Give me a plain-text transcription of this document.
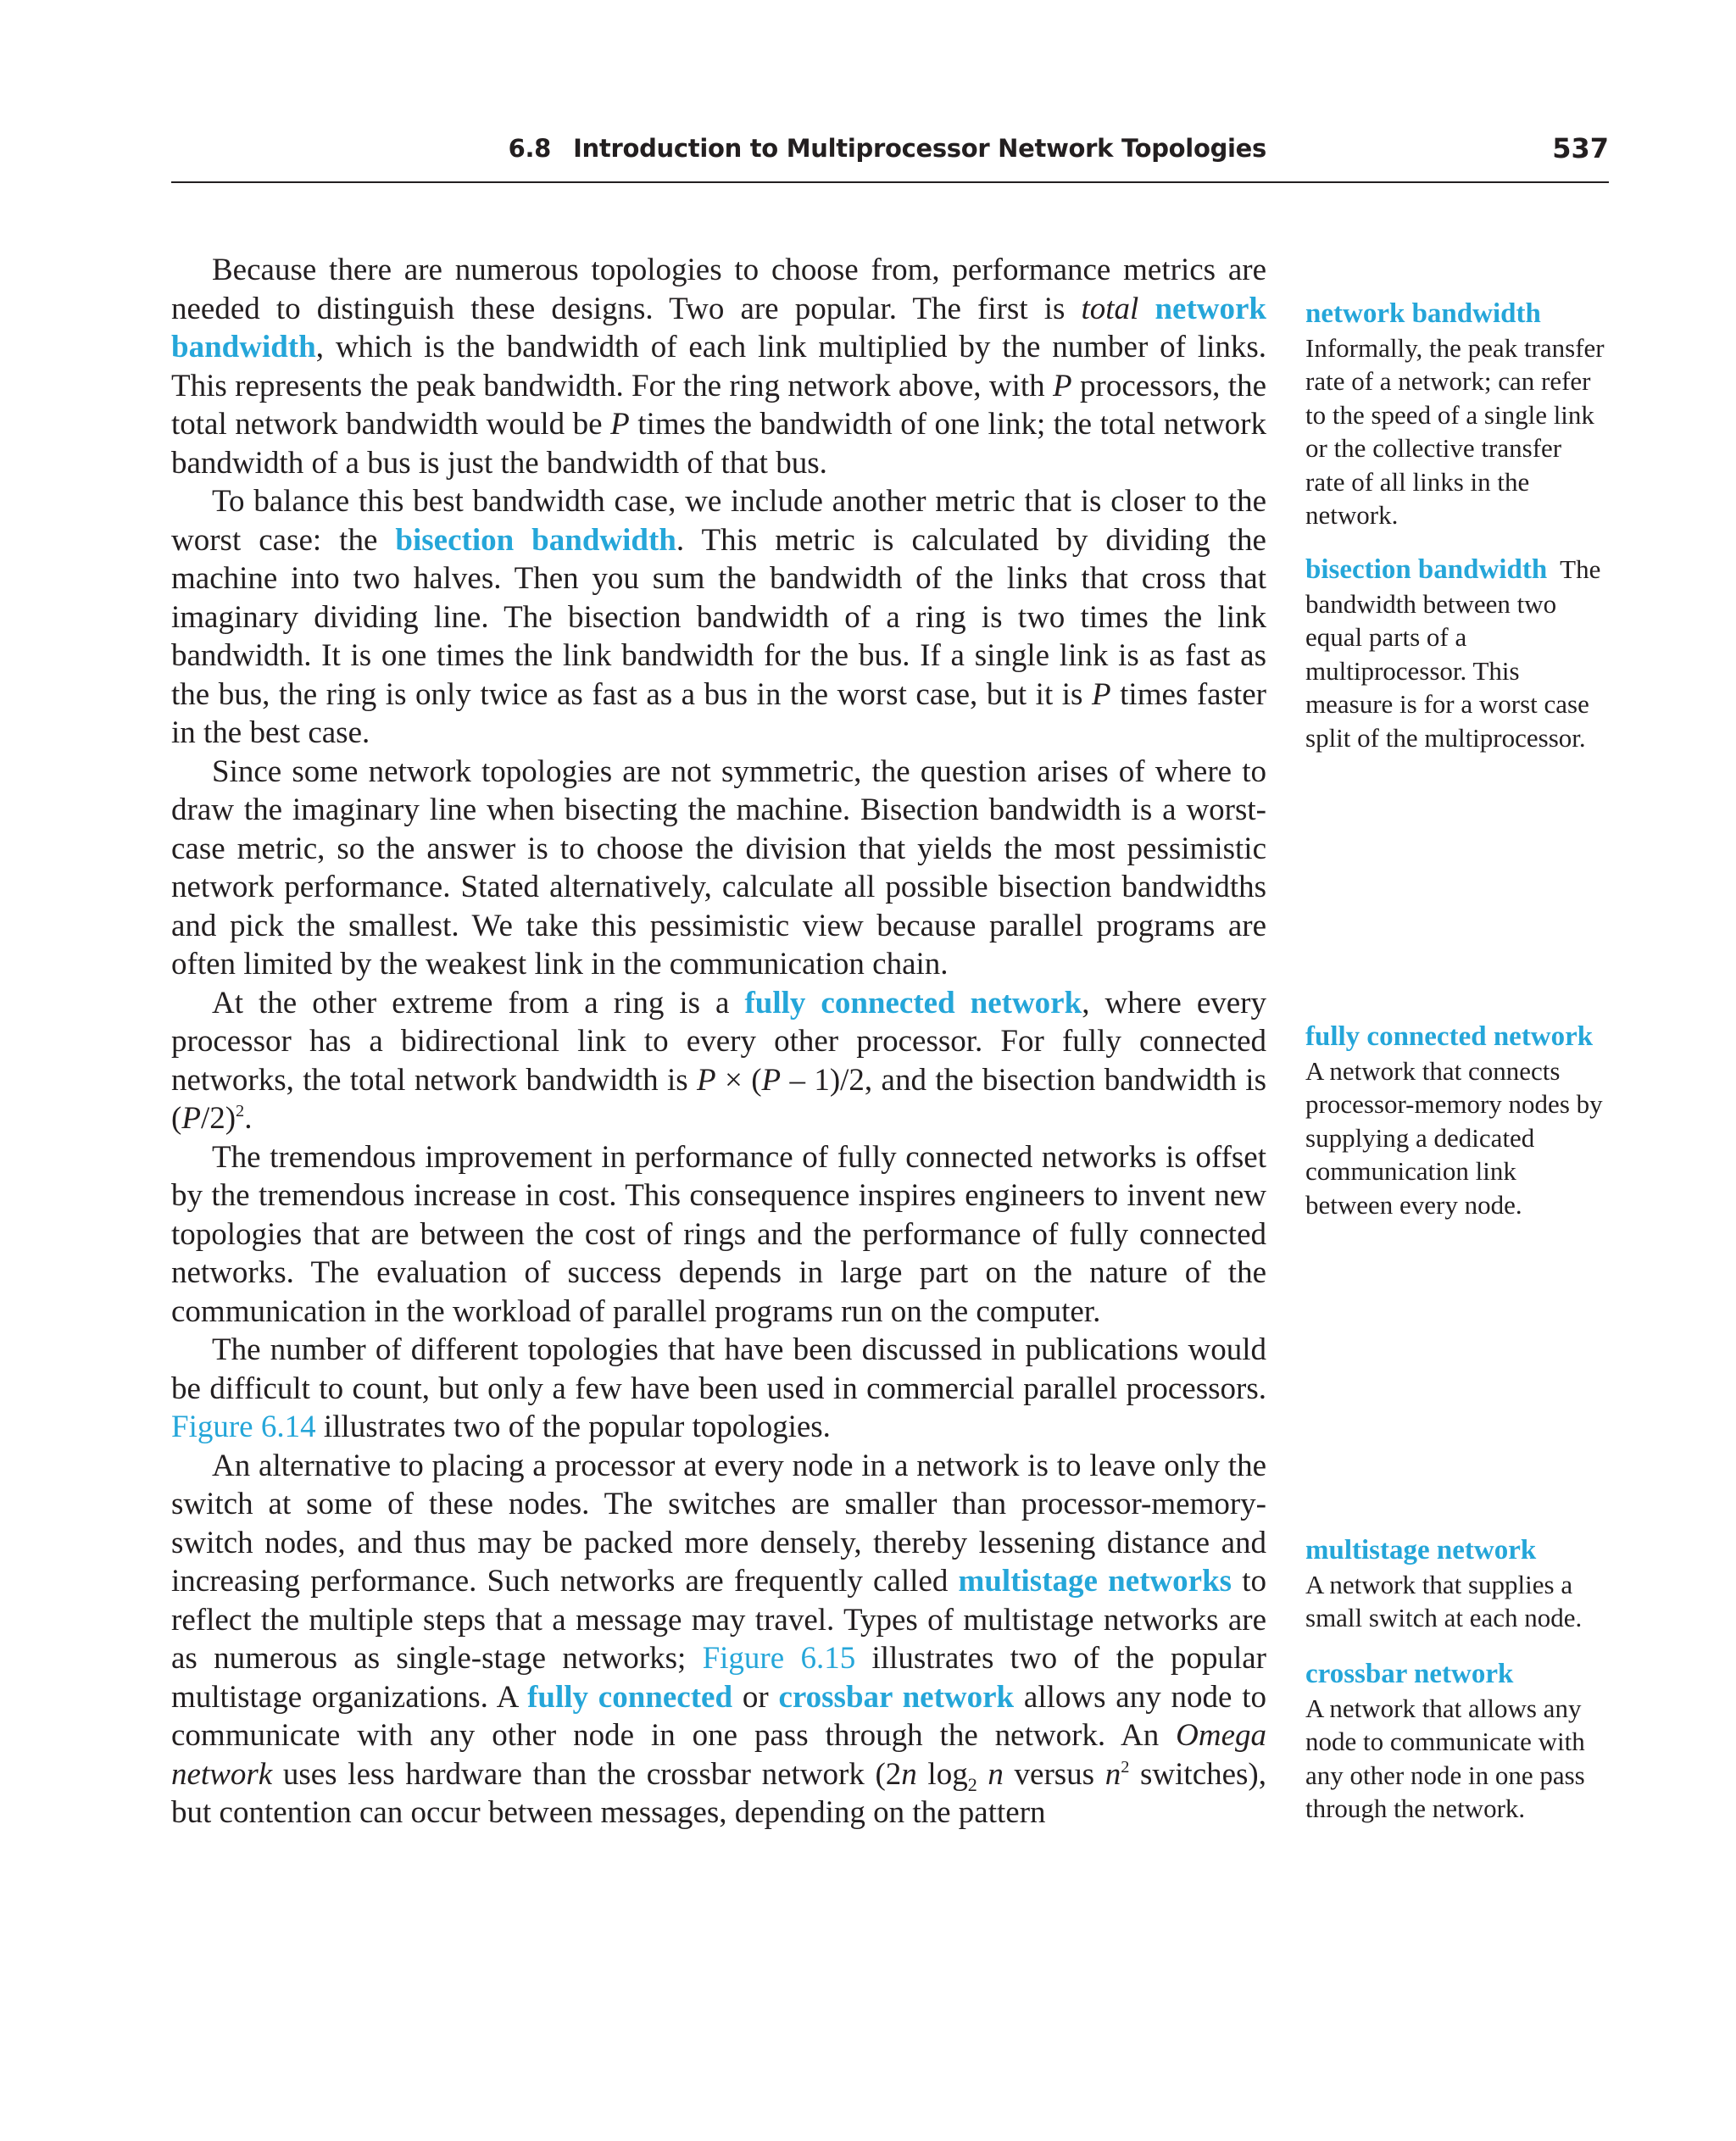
6.8 Introduction to Multiprocessor Network Topologies	537

Because there are numerous topologies to choose from, performance metrics are needed to distinguish these designs. Two are popular. The first is total network bandwidth, which is the bandwidth of each link multiplied by the number of links. This represents the peak bandwidth. For the ring network above, with P processors, the total network bandwidth would be P times the bandwidth of one link; the total network bandwidth of a bus is just the bandwidth of that bus.

To balance this best bandwidth case, we include another metric that is closer to the worst case: the bisection bandwidth. This metric is calculated by dividing the machine into two halves. Then you sum the bandwidth of the links that cross that imaginary dividing line. The bisection bandwidth of a ring is two times the link bandwidth. It is one times the link bandwidth for the bus. If a single link is as fast as the bus, the ring is only twice as fast as a bus in the worst case, but it is P times faster in the best case.

Since some network topologies are not symmetric, the question arises of where to draw the imaginary line when bisecting the machine. Bisection bandwidth is a worst-case metric, so the answer is to choose the division that yields the most pessimistic network performance. Stated alternatively, calculate all possible bisection bandwidths and pick the smallest. We take this pessimistic view because parallel programs are often limited by the weakest link in the communication chain.

At the other extreme from a ring is a fully connected network, where every processor has a bidirectional link to every other processor. For fully connected networks, the total network bandwidth is P × (P – 1)/2, and the bisection bandwidth is $(P/2)^2$.

The tremendous improvement in performance of fully connected networks is offset by the tremendous increase in cost. This consequence inspires engineers to invent new topologies that are between the cost of rings and the performance of fully connected networks. The evaluation of success depends in large part on the nature of the communication in the workload of parallel programs run on the computer.

The number of different topologies that have been discussed in publications would be difficult to count, but only a few have been used in commercial parallel processors. Figure 6.14 illustrates two of the popular topologies.

An alternative to placing a processor at every node in a network is to leave only the switch at some of these nodes. The switches are smaller than processor-memory-switch nodes, and thus may be packed more densely, thereby lessening distance and increasing performance. Such networks are frequently called multistage networks to reflect the multiple steps that a message may travel. Types of multistage networks are as numerous as single-stage networks; Figure 6.15 illustrates two of the popular multistage organizations. A fully connected or crossbar network allows any node to communicate with any other node in one pass through the network. An Omega network uses less hardware than the crossbar network (2n $\log_2 n$ versus $n^2$ switches), but contention can occur between messages, depending on the pattern

network bandwidth  Informally, the peak transfer rate of a network; can refer to the speed of a single link or the collective transfer rate of all links in the network.
bisection bandwidth The bandwidth between two equal parts of a multiprocessor. This measure is for a worst case split of the multiprocessor.
fully connected network  A network that connects processor-memory nodes by supplying a dedicated communication link between every node.
multistage network
A network that supplies a small switch at each node.
crossbar network
A network that allows any node to communicate with any other node in one pass through the network.
